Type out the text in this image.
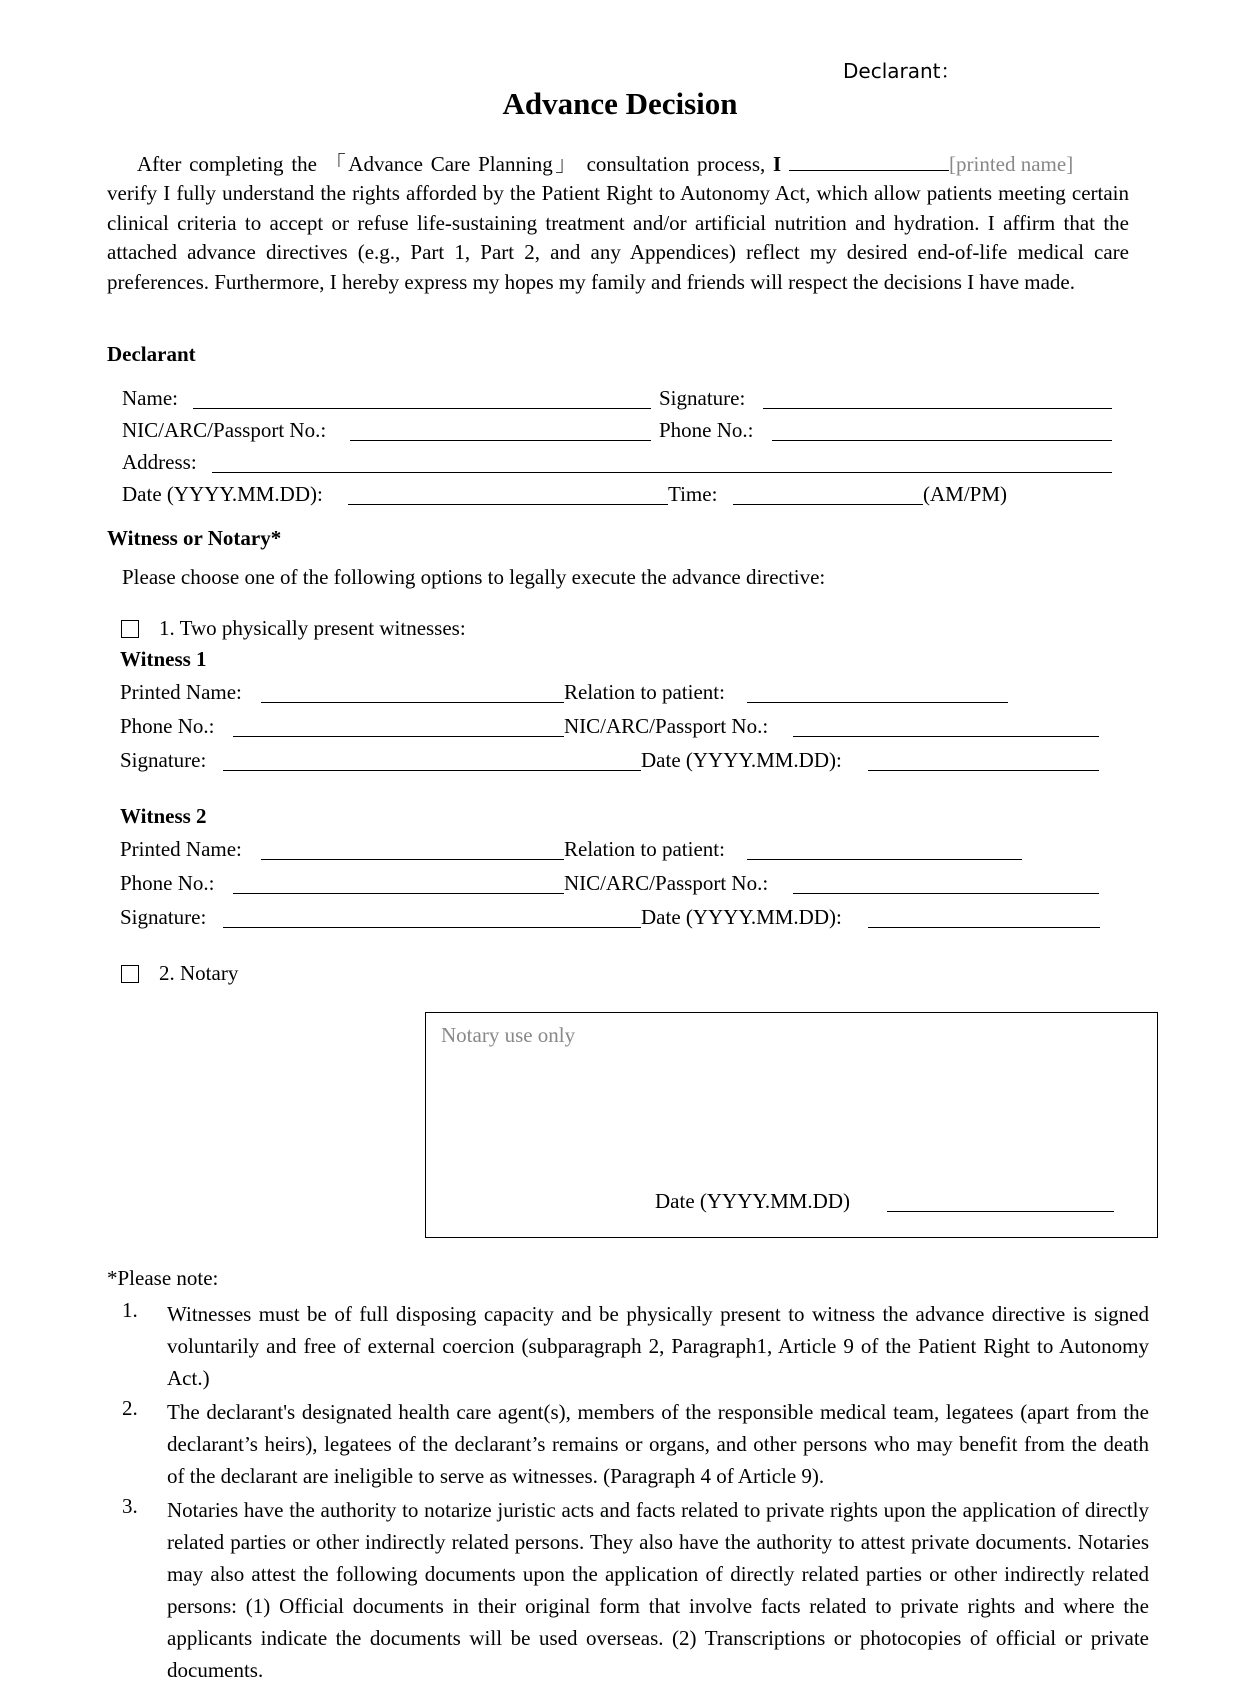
Declarant：
Advance Decision
After completing the 「Advance Care Planning」 consultation process, I	[printed name] verify I fully understand the rights afforded by the Patient Right to Autonomy Act, which allow patients meeting certain clinical criteria to accept or refuse life-sustaining treatment and/or artificial nutrition and hydration. I affirm that the attached advance directives (e.g., Part 1, Part 2, and any Appendices) reflect my desired end-of-life medical care preferences. Furthermore, I hereby express my hopes my family and friends will respect the decisions I have made.
Declarant
Name:	Signature:
NIC/ARC/Passport No.:	Phone No.:
Address:
Date (YYYY.MM.DD):	Time:	(AM/PM)
Witness or Notary*
Please choose one of the following options to legally execute the advance directive:
1. Two physically present witnesses:
Witness 1
Printed Name:	Relation to patient:
Phone No.:	NIC/ARC/Passport No.:
Signature:	Date (YYYY.MM.DD):
Witness 2
Printed Name:	Relation to patient:
Phone No.:	NIC/ARC/Passport No.:
Signature:	Date (YYYY.MM.DD):
2. Notary
Notary use only
Date (YYYY.MM.DD)
*Please note:
1. Witnesses must be of full disposing capacity and be physically present to witness the advance directive is signed voluntarily and free of external coercion (subparagraph 2, Paragraph1, Article 9 of the Patient Right to Autonomy Act.)
2. The declarant's designated health care agent(s), members of the responsible medical team, legatees (apart from the declarant’s heirs), legatees of the declarant’s remains or organs, and other persons who may benefit from the death of the declarant are ineligible to serve as witnesses. (Paragraph 4 of Article 9).
3. Notaries have the authority to notarize juristic acts and facts related to private rights upon the application of directly related parties or other indirectly related persons. They also have the authority to attest private documents. Notaries may also attest the following documents upon the application of directly related parties or other indirectly related persons: (1) Official documents in their original form that involve facts related to private rights and where the applicants indicate the documents will be used overseas. (2) Transcriptions or photocopies of official or private documents.
